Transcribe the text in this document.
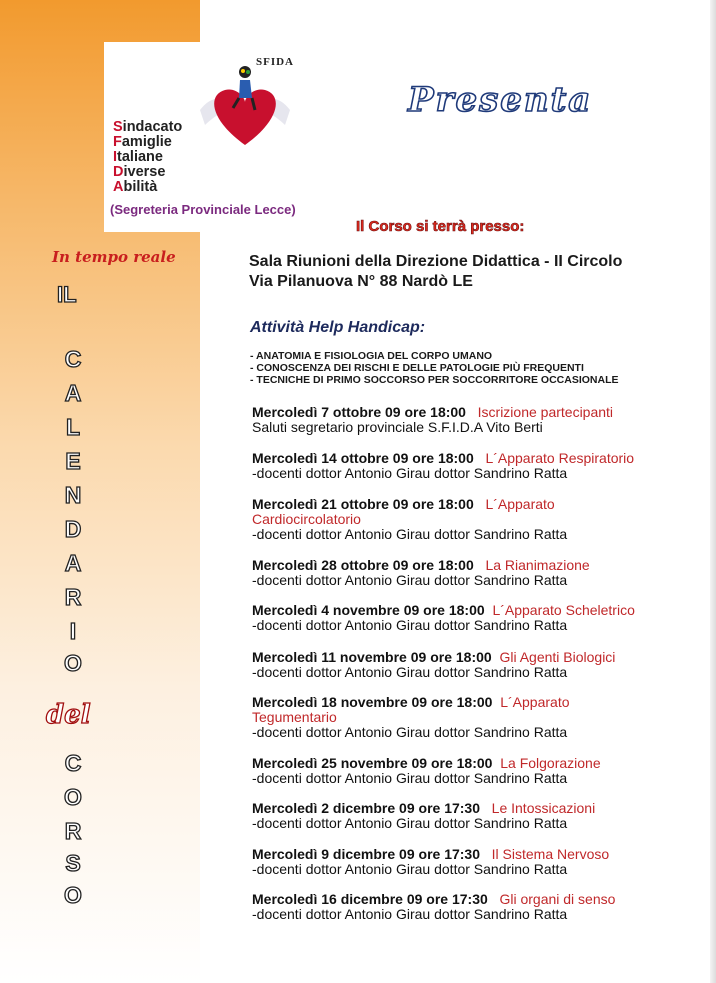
SFIDA
Sindacato
Famiglie
Italiane
Diverse
Abilità
(Segreteria Provinciale Lecce)
Presenta
In tempo reale
IL
C
A
L
E
N
D
A
R
I
O
del
C
O
R
S
O
Il Corso si terrà presso:
Sala Riunioni della Direzione Didattica - II Circolo
Via Pilanuova N° 88 Nardò LE
Attività Help Handicap:
- ANATOMIA E FISIOLOGIA DEL CORPO UMANO
- CONOSCENZA DEI RISCHI E DELLE PATOLOGIE PIÙ FREQUENTI
- TECNICHE DI PRIMO SOCCORSO PER SOCCORRITORE OCCASIONALE
Mercoledì 7 ottobre 09 ore 18:00 Iscrizione partecipanti
Saluti segretario provinciale S.F.I.D.A Vito Berti
Mercoledì 14 ottobre 09 ore 18:00 L´Apparato Respiratorio
-docenti dottor Antonio Girau dottor Sandrino Ratta
Mercoledì 21 ottobre 09 ore 18:00 L´Apparato Cardiocircolatorio
-docenti dottor Antonio Girau dottor Sandrino Ratta
Mercoledì 28 ottobre 09 ore 18:00 La Rianimazione
-docenti dottor Antonio Girau dottor Sandrino Ratta
Mercoledì 4 novembre 09 ore 18:00 L´Apparato Scheletrico
-docenti dottor Antonio Girau dottor Sandrino Ratta
Mercoledì 11 novembre 09 ore 18:00 Gli Agenti Biologici
-docenti dottor Antonio Girau dottor Sandrino Ratta
Mercoledì 18 novembre 09 ore 18:00 L´Apparato Tegumentario
-docenti dottor Antonio Girau dottor Sandrino Ratta
Mercoledì 25 novembre 09 ore 18:00 La Folgorazione
-docenti dottor Antonio Girau dottor Sandrino Ratta
Mercoledì 2 dicembre 09 ore 17:30 Le Intossicazioni
-docenti dottor Antonio Girau dottor Sandrino Ratta
Mercoledì 9 dicembre 09 ore 17:30 Il Sistema Nervoso
-docenti dottor Antonio Girau dottor Sandrino Ratta
Mercoledì 16 dicembre 09 ore 17:30 Gli organi di senso
-docenti dottor Antonio Girau dottor Sandrino Ratta
